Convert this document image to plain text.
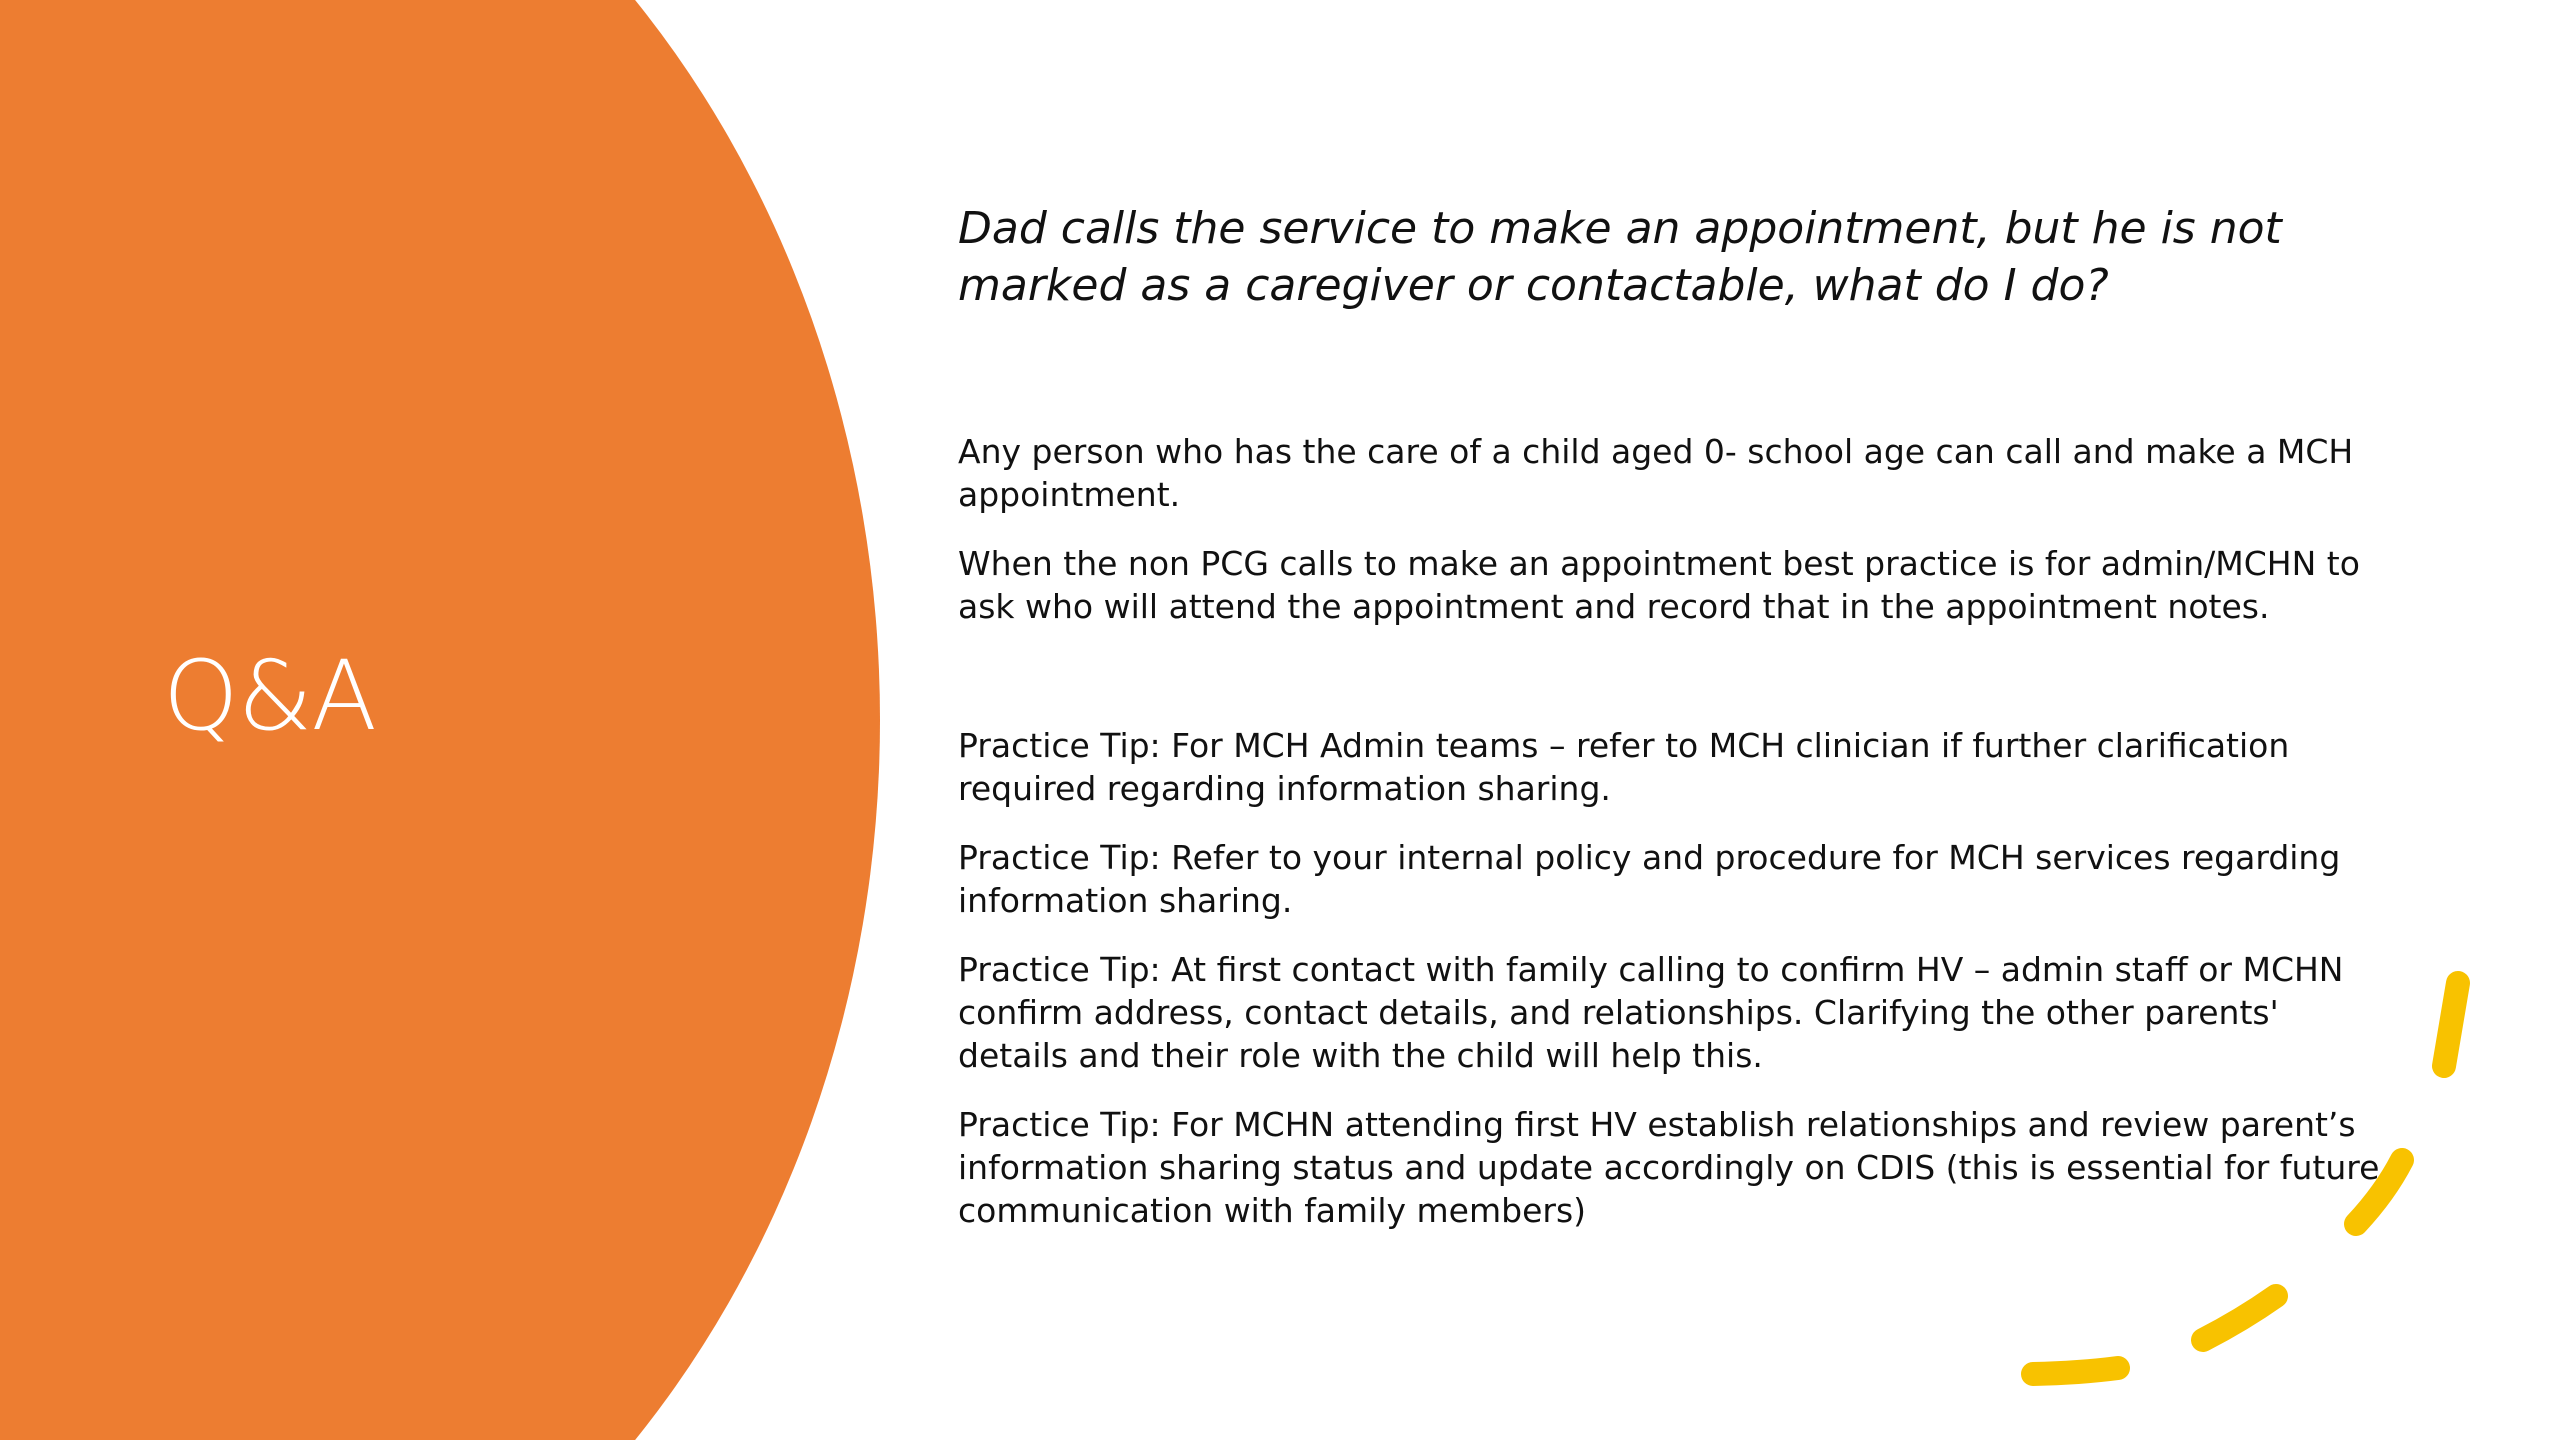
Q&A

Dad calls the service to make an appointment, but he is not marked as a caregiver or contactable, what do I do?

Any person who has the care of a child aged 0- school age can call and make a MCH appointment.

When the non PCG calls to make an appointment best practice is for admin/MCHN to ask who will attend the appointment and record that in the appointment notes.

Practice Tip: For MCH Admin teams – refer to MCH clinician if further clarification required regarding information sharing.

Practice Tip: Refer to your internal policy and procedure for MCH services regarding information sharing.

Practice Tip: At first contact with family calling to confirm HV – admin staff or MCHN confirm address, contact details, and relationships. Clarifying the other parents' details and their role with the child will help this.

Practice Tip: For MCHN attending first HV establish relationships and review parent’s information sharing status and update accordingly on CDIS (this is essential for future communication with family members)
